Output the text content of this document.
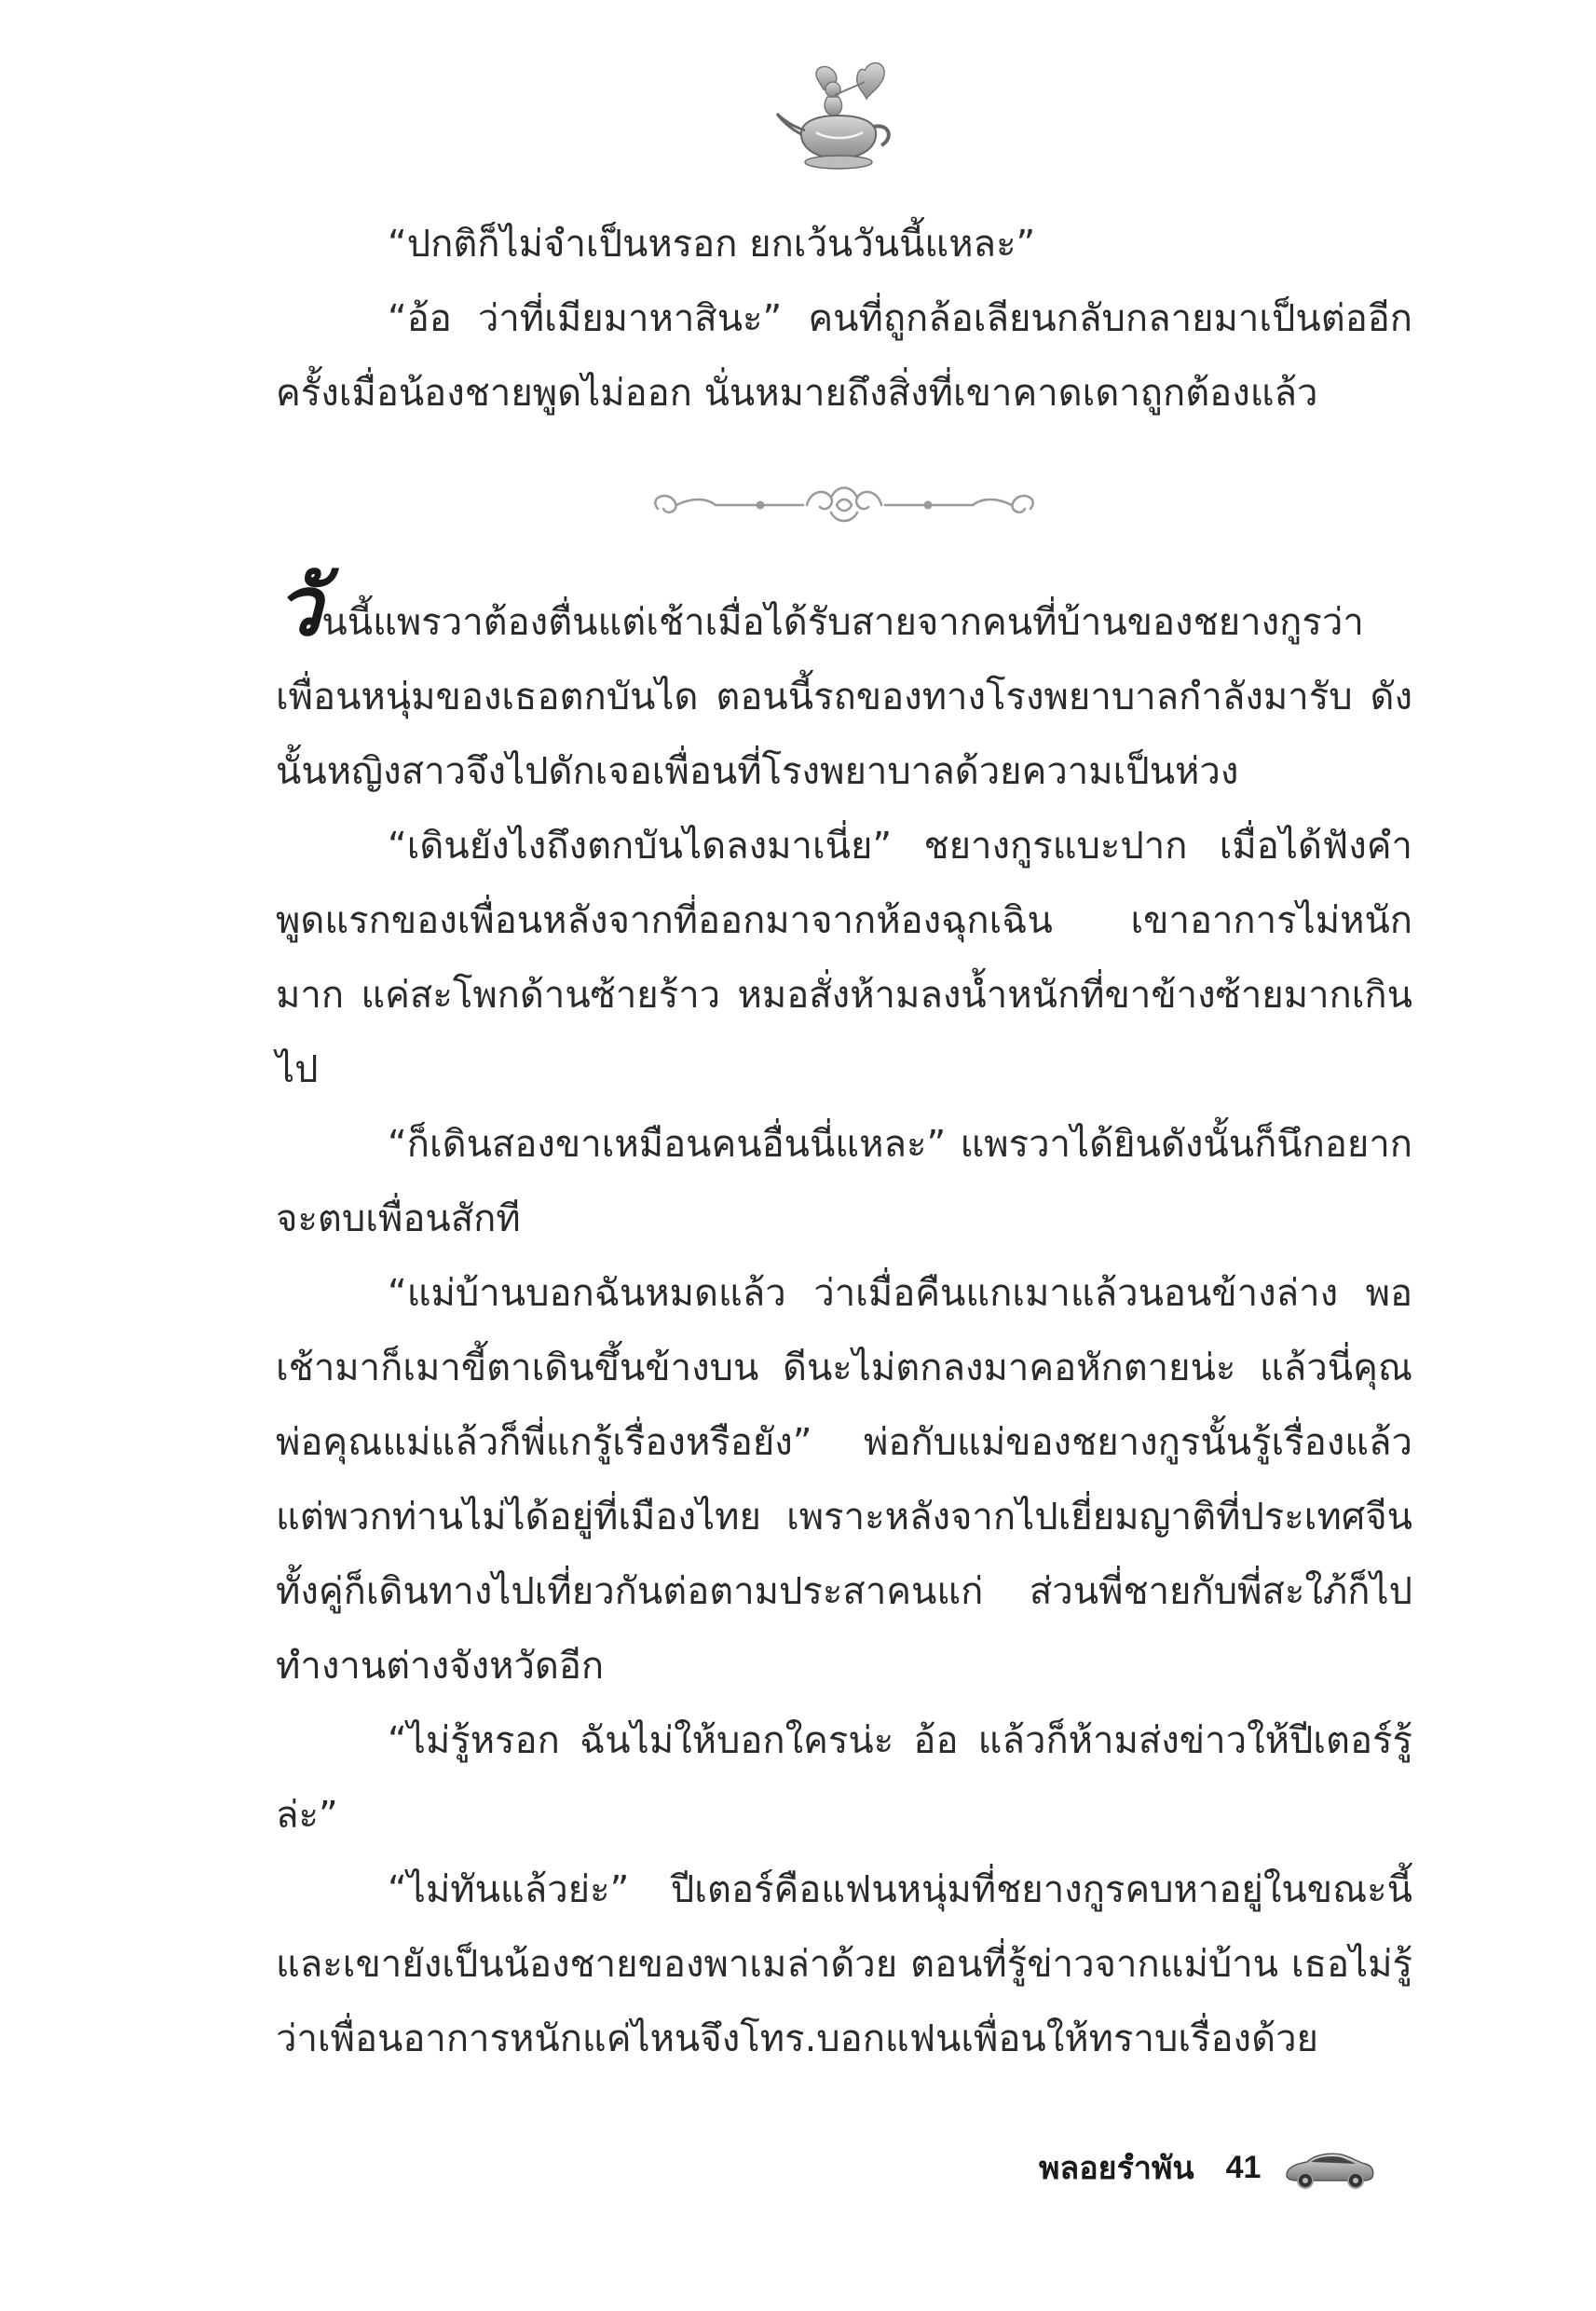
“ปกติก็ไม่จำเป็นหรอก ยกเว้นวันนี้แหละ”

“อ้อ ว่าที่เมียมาหาสินะ” คนที่ถูกล้อเลียนกลับกลายมาเป็นต่ออีกครั้งเมื่อน้องชายพูดไม่ออก นั่นหมายถึงสิ่งที่เขาคาดเดาถูกต้องแล้ว

วันนี้แพรวาต้องตื่นแต่เช้าเมื่อได้รับสายจากคนที่บ้านของชยางกูรว่าเพื่อนหนุ่มของเธอตกบันได ตอนนี้รถของทางโรงพยาบาลกำลังมารับ ดังนั้นหญิงสาวจึงไปดักเจอเพื่อนที่โรงพยาบาลด้วยความเป็นห่วง

“เดินยังไงถึงตกบันไดลงมาเนี่ย” ชยางกูรแบะปาก เมื่อได้ฟังคำพูดแรกของเพื่อนหลังจากที่ออกมาจากห้องฉุกเฉิน เขาอาการไม่หนักมาก แค่สะโพกด้านซ้ายร้าว หมอสั่งห้ามลงน้ำหนักที่ขาข้างซ้ายมากเกินไป

“ก็เดินสองขาเหมือนคนอื่นนี่แหละ” แพรวาได้ยินดังนั้นก็นึกอยากจะตบเพื่อนสักที

“แม่บ้านบอกฉันหมดแล้ว ว่าเมื่อคืนแกเมาแล้วนอนข้างล่าง พอเช้ามาก็เมาขี้ตาเดินขึ้นข้างบน ดีนะไม่ตกลงมาคอหักตายน่ะ แล้วนี่คุณพ่อคุณแม่แล้วก็พี่แกรู้เรื่องหรือยัง” พ่อกับแม่ของชยางกูรนั้นรู้เรื่องแล้ว แต่พวกท่านไม่ได้อยู่ที่เมืองไทย เพราะหลังจากไปเยี่ยมญาติที่ประเทศจีนทั้งคู่ก็เดินทางไปเที่ยวกันต่อตามประสาคนแก่ ส่วนพี่ชายกับพี่สะใภ้ก็ไปทำงานต่างจังหวัดอีก

“ไม่รู้หรอก ฉันไม่ให้บอกใครน่ะ อ้อ แล้วก็ห้ามส่งข่าวให้ปีเตอร์รู้ล่ะ”

“ไม่ทันแล้วย่ะ” ปีเตอร์คือแฟนหนุ่มที่ชยางกูรคบหาอยู่ในขณะนี้และเขายังเป็นน้องชายของพาเมล่าด้วย ตอนที่รู้ข่าวจากแม่บ้าน เธอไม่รู้ว่าเพื่อนอาการหนักแค่ไหนจึงโทร.บอกแฟนเพื่อนให้ทราบเรื่องด้วย

พลอยรำพัน 41
